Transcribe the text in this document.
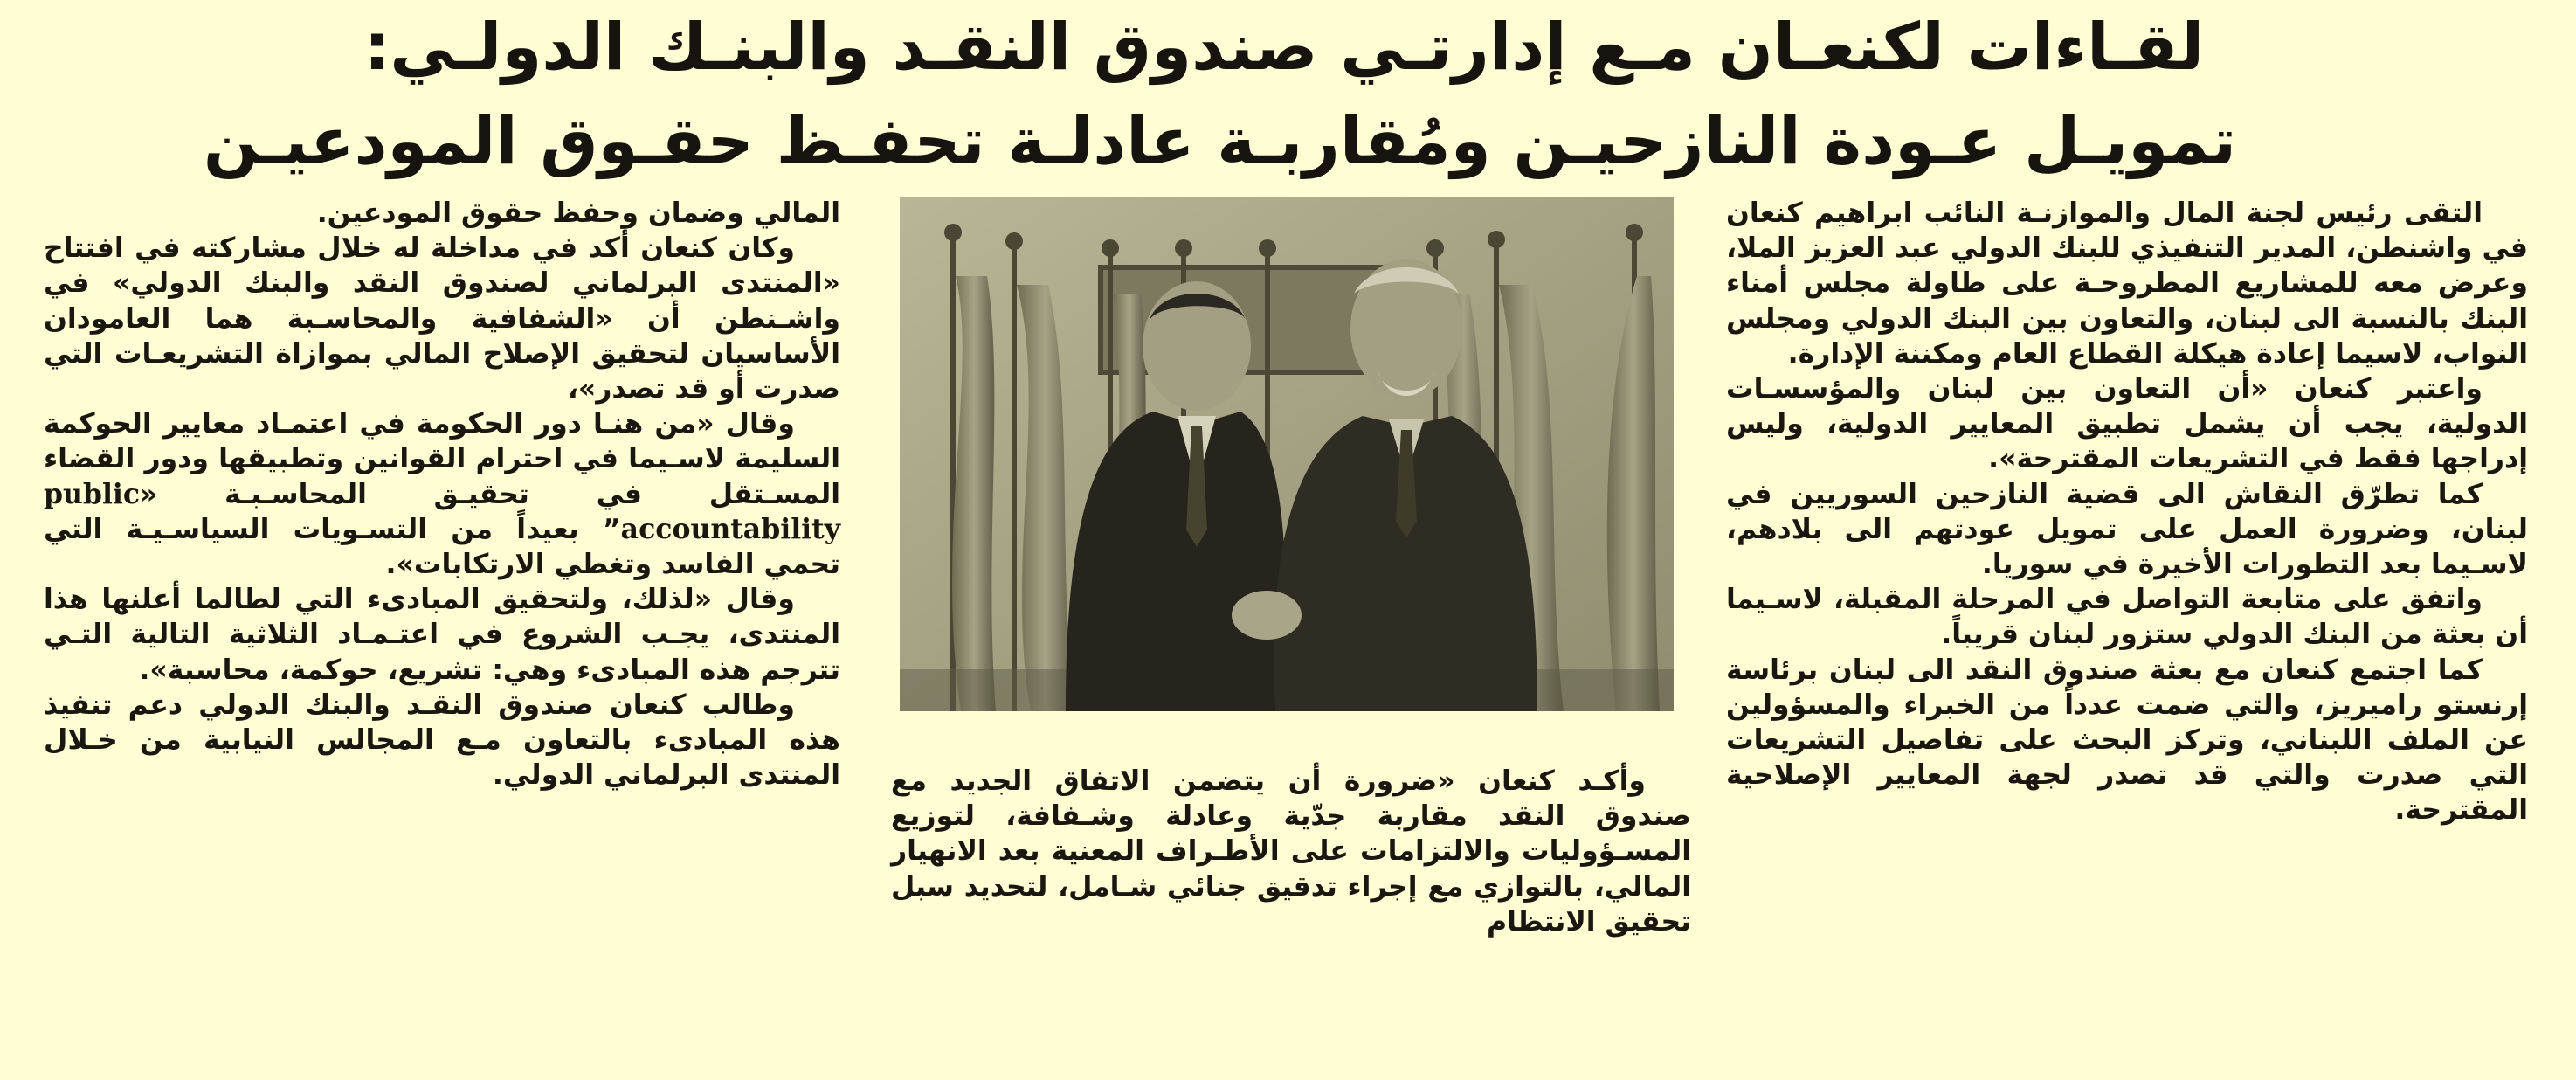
لقـاءات لكنعـان مـع إدارتـي صندوق النقـد والبنـك الدولـي:
تمويـل عـودة النازحيـن ومُقاربـة عادلـة تحفـظ حقـوق المودعيـن

التقى رئيس لجنة المال والموازنـة النائب ابراهيم كنعان في واشنطن، المدير التنفيذي للبنك الدولي عبد العزيز الملا، وعرض معه للمشاريع المطروحـة على طاولة مجلس أمناء البنك بالنسبة الى لبنان، والتعاون بين البنك الدولي ومجلس النواب، لاسيما إعادة هيكلة القطاع العام ومكننة الإدارة.

واعتبر كنعان «أن التعاون بين لبنان والمؤسسـات الدولية، يجب أن يشمل تطبيق المعايير الدولية، وليس إدراجها فقط في التشريعات المقترحة».

كما تطرّق النقاش الى قضية النازحين السوريين في لبنان، وضرورة العمل على تمويل عودتهم الى بلادهم، لاسـيما بعد التطورات الأخيرة في سوريا.

واتفق على متابعة التواصل في المرحلة المقبلة، لاسـيما أن بعثة من البنك الدولي ستزور لبنان قريباً.

كما اجتمع كنعان مع بعثة صندوق النقد الى لبنان برئاسة إرنستو راميريز، والتي ضمت عدداً من الخبراء والمسؤولين عن الملف اللبناني، وتركز البحث على تفاصيل التشريعات التي صدرت والتي قد تصدر لجهة المعايير الإصلاحية المقترحة.

وأكـد كنعان «ضرورة أن يتضمن الاتفاق الجديد مع صندوق النقد مقاربة جدّية وعادلة وشـفافة، لتوزيع المسـؤوليات والالتزامات على الأطـراف المعنية بعد الانهيار المالي، بالتوازي مع إجراء تدقيق جنائي شـامل، لتحديد سبل تحقيق الانتظام

المالي وضمان وحفظ حقوق المودعين.

وكان كنعان أكد في مداخلة له خلال مشاركته في افتتاح «المنتدى البرلماني لصندوق النقد والبنك الدولي» في واشـنطن أن «الشفافية والمحاسـبة هما العامودان الأساسيان لتحقيق الإصلاح المالي بموازاة التشريعـات التي صدرت أو قد تصدر»،

وقال «من هنـا دور الحكومة في اعتمـاد معايير الحوكمة السليمة لاسـيما في احترام القوانين وتطبيقها ودور القضاء المسـتقل في تحقيـق المحاسـبـة «public accountability” بعيداً من التسـويات السياسـيـة التي تحمي الفاسد وتغطي الارتكابات».

وقال «لذلك، ولتحقيق المبادىء التي لطالما أعلنها هذا المنتدى، يجـب الشروع في اعتـمـاد الثلاثية التالية التـي تترجم هذه المبادىء وهي: تشريع، حوكمة، محاسبة».

وطالب كنعان صندوق النقـد والبنك الدولي دعم تنفيذ هذه المبادىء بالتعاون مـع المجالس النيابية من خـلال المنتدى البرلماني الدولي.
